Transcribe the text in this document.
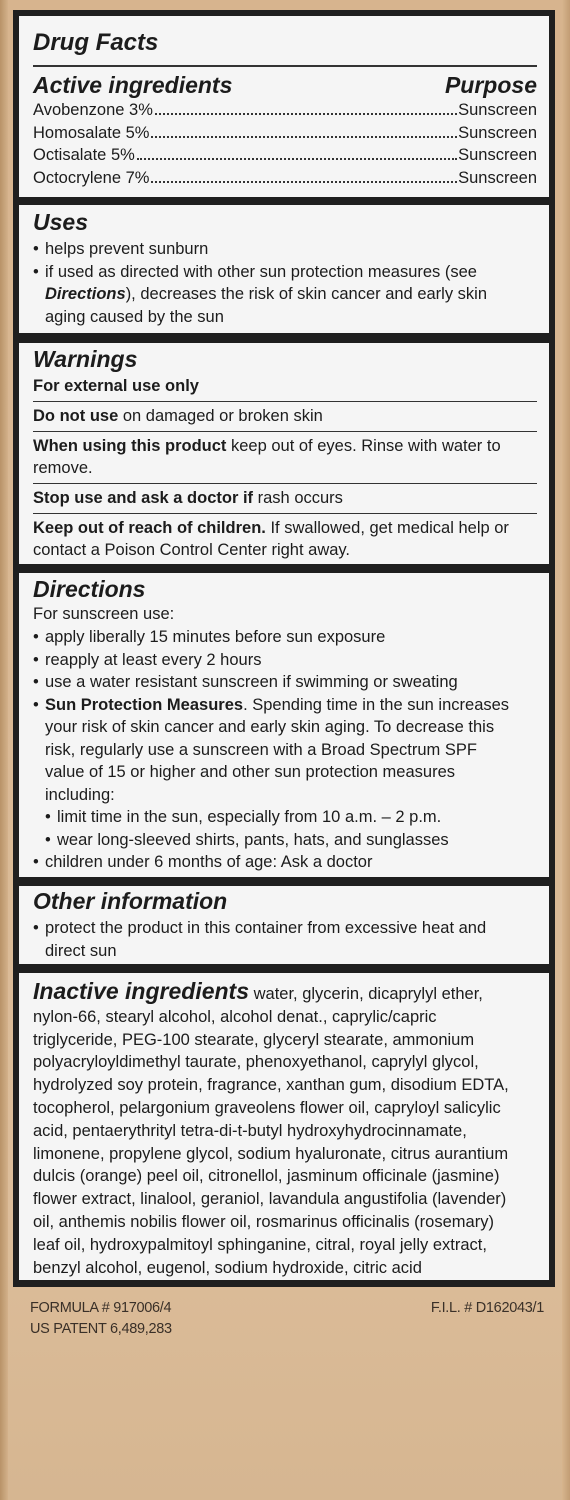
Drug Facts
Active ingredients	Purpose
Avobenzone 3%	Sunscreen
Homosalate 5%	Sunscreen
Octisalate 5%	Sunscreen
Octocrylene 7%	Sunscreen
Uses
• helps prevent sunburn
• if used as directed with other sun protection measures (see
Directions), decreases the risk of skin cancer and early skin
aging caused by the sun
Warnings
For external use only
Do not use on damaged or broken skin
When using this product keep out of eyes. Rinse with water to
remove.
Stop use and ask a doctor if rash occurs
Keep out of reach of children. If swallowed, get medical help or
contact a Poison Control Center right away.
Directions
For sunscreen use:
• apply liberally 15 minutes before sun exposure
• reapply at least every 2 hours
• use a water resistant sunscreen if swimming or sweating
• Sun Protection Measures. Spending time in the sun increases
your risk of skin cancer and early skin aging. To decrease this
risk, regularly use a sunscreen with a Broad Spectrum SPF
value of 15 or higher and other sun protection measures
including:
• limit time in the sun, especially from 10 a.m. – 2 p.m.
• wear long-sleeved shirts, pants, hats, and sunglasses
• children under 6 months of age: Ask a doctor
Other information
• protect the product in this container from excessive heat and
direct sun
Inactive ingredients water, glycerin, dicaprylyl ether,
nylon-66, stearyl alcohol, alcohol denat., caprylic/capric
triglyceride, PEG-100 stearate, glyceryl stearate, ammonium
polyacryloyldimethyl taurate, phenoxyethanol, caprylyl glycol,
hydrolyzed soy protein, fragrance, xanthan gum, disodium EDTA,
tocopherol, pelargonium graveolens flower oil, capryloyl salicylic
acid, pentaerythrityl tetra-di-t-butyl hydroxyhydrocinnamate,
limonene, propylene glycol, sodium hyaluronate, citrus aurantium
dulcis (orange) peel oil, citronellol, jasminum officinale (jasmine)
flower extract, linalool, geraniol, lavandula angustifolia (lavender)
oil, anthemis nobilis flower oil, rosmarinus officinalis (rosemary)
leaf oil, hydroxypalmitoyl sphinganine, citral, royal jelly extract,
benzyl alcohol, eugenol, sodium hydroxide, citric acid
FORMULA # 917006/4
US PATENT 6,489,283
F.I.L. # D162043/1
